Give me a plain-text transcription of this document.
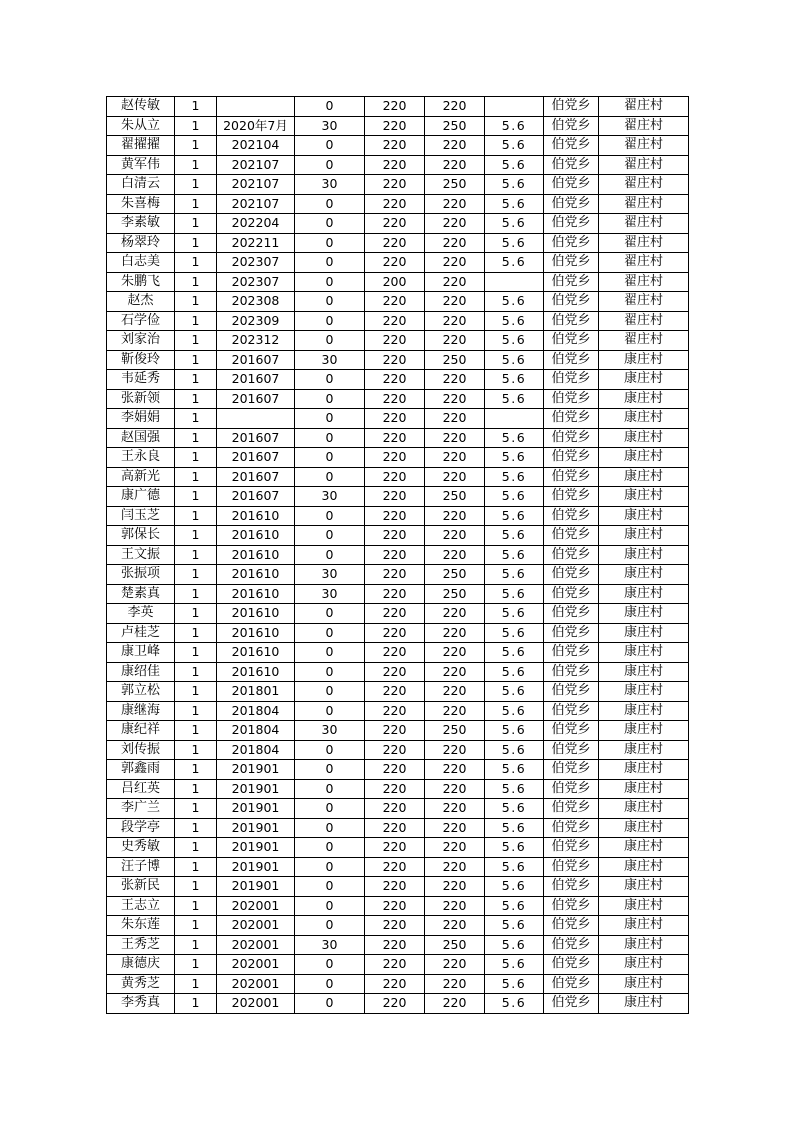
赵传敏	1		0	220	220		伯党乡	翟庄村
朱从立	1	2020年7月	30	220	250	5.6	伯党乡	翟庄村
翟擢擢	1	202104	0	220	220	5.6	伯党乡	翟庄村
黄军伟	1	202107	0	220	220	5.6	伯党乡	翟庄村
白清云	1	202107	30	220	250	5.6	伯党乡	翟庄村
朱喜梅	1	202107	0	220	220	5.6	伯党乡	翟庄村
李素敏	1	202204	0	220	220	5.6	伯党乡	翟庄村
杨翠玲	1	202211	0	220	220	5.6	伯党乡	翟庄村
白志美	1	202307	0	220	220	5.6	伯党乡	翟庄村
朱鹏飞	1	202307	0	200	220		伯党乡	翟庄村
赵杰	1	202308	0	220	220	5.6	伯党乡	翟庄村
石学俭	1	202309	0	220	220	5.6	伯党乡	翟庄村
刘家治	1	202312	0	220	220	5.6	伯党乡	翟庄村
靳俊玲	1	201607	30	220	250	5.6	伯党乡	康庄村
韦延秀	1	201607	0	220	220	5.6	伯党乡	康庄村
张新领	1	201607	0	220	220	5.6	伯党乡	康庄村
李娟娟	1		0	220	220		伯党乡	康庄村
赵国强	1	201607	0	220	220	5.6	伯党乡	康庄村
王永良	1	201607	0	220	220	5.6	伯党乡	康庄村
高新光	1	201607	0	220	220	5.6	伯党乡	康庄村
康广德	1	201607	30	220	250	5.6	伯党乡	康庄村
闫玉芝	1	201610	0	220	220	5.6	伯党乡	康庄村
郭保长	1	201610	0	220	220	5.6	伯党乡	康庄村
王文振	1	201610	0	220	220	5.6	伯党乡	康庄村
张振项	1	201610	30	220	250	5.6	伯党乡	康庄村
楚素真	1	201610	30	220	250	5.6	伯党乡	康庄村
李英	1	201610	0	220	220	5.6	伯党乡	康庄村
卢桂芝	1	201610	0	220	220	5.6	伯党乡	康庄村
康卫峰	1	201610	0	220	220	5.6	伯党乡	康庄村
康绍佳	1	201610	0	220	220	5.6	伯党乡	康庄村
郭立松	1	201801	0	220	220	5.6	伯党乡	康庄村
康继海	1	201804	0	220	220	5.6	伯党乡	康庄村
康纪祥	1	201804	30	220	250	5.6	伯党乡	康庄村
刘传振	1	201804	0	220	220	5.6	伯党乡	康庄村
郭鑫雨	1	201901	0	220	220	5.6	伯党乡	康庄村
吕红英	1	201901	0	220	220	5.6	伯党乡	康庄村
李广兰	1	201901	0	220	220	5.6	伯党乡	康庄村
段学亭	1	201901	0	220	220	5.6	伯党乡	康庄村
史秀敏	1	201901	0	220	220	5.6	伯党乡	康庄村
汪子博	1	201901	0	220	220	5.6	伯党乡	康庄村
张新民	1	201901	0	220	220	5.6	伯党乡	康庄村
王志立	1	202001	0	220	220	5.6	伯党乡	康庄村
朱东莲	1	202001	0	220	220	5.6	伯党乡	康庄村
王秀芝	1	202001	30	220	250	5.6	伯党乡	康庄村
康德庆	1	202001	0	220	220	5.6	伯党乡	康庄村
黄秀芝	1	202001	0	220	220	5.6	伯党乡	康庄村
李秀真	1	202001	0	220	220	5.6	伯党乡	康庄村
